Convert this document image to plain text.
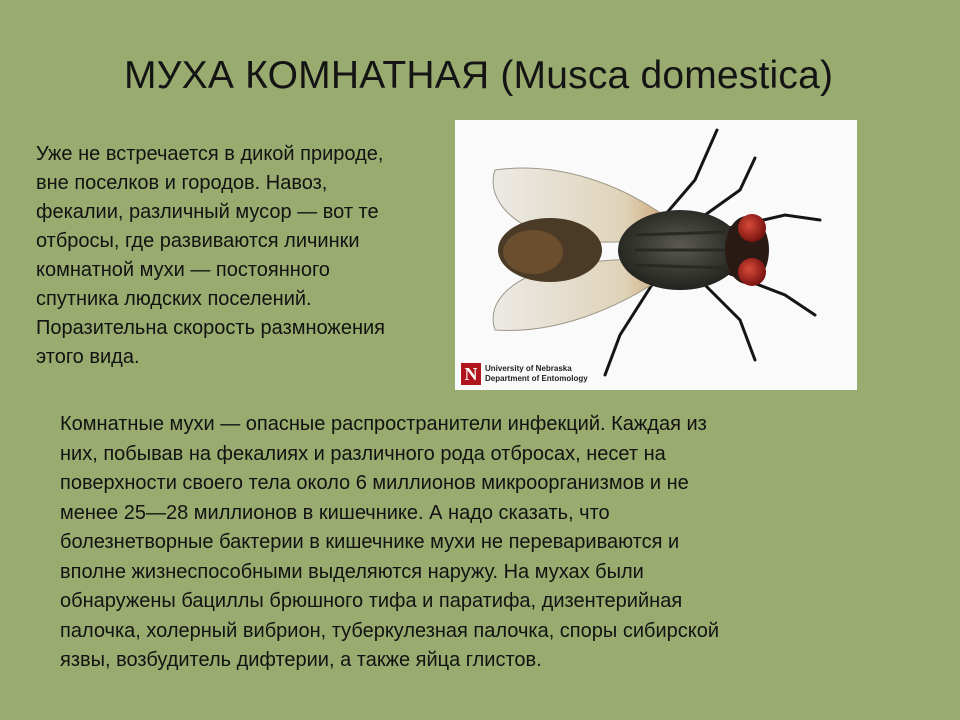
МУХА КОМНАТНАЯ (Musca domestica)
Уже не встречается в дикой природе,
вне поселков и городов. Навоз,
фекалии, различный мусор — вот те
отбросы, где развиваются личинки
комнатной мухи — постоянного
спутника людских поселений.
Поразительна скорость размножения
этого вида.
N University of Nebraska
Department of Entomology
Комнатные мухи — опасные распространители инфекций. Каждая из
них, побывав на фекалиях и различного рода отбросах, несет на
поверхности своего тела около 6 миллионов микроорганизмов и не
менее 25—28 миллионов в кишечнике. А надо сказать, что
болезнетворные бактерии в кишечнике мухи не перевариваются и
вполне жизнеспособными выделяются наружу. На мухах были
обнаружены бациллы брюшного тифа и паратифа, дизентерийная
палочка, холерный вибрион, туберкулезная палочка, споры сибирской
язвы, возбудитель дифтерии, а также яйца глистов.
